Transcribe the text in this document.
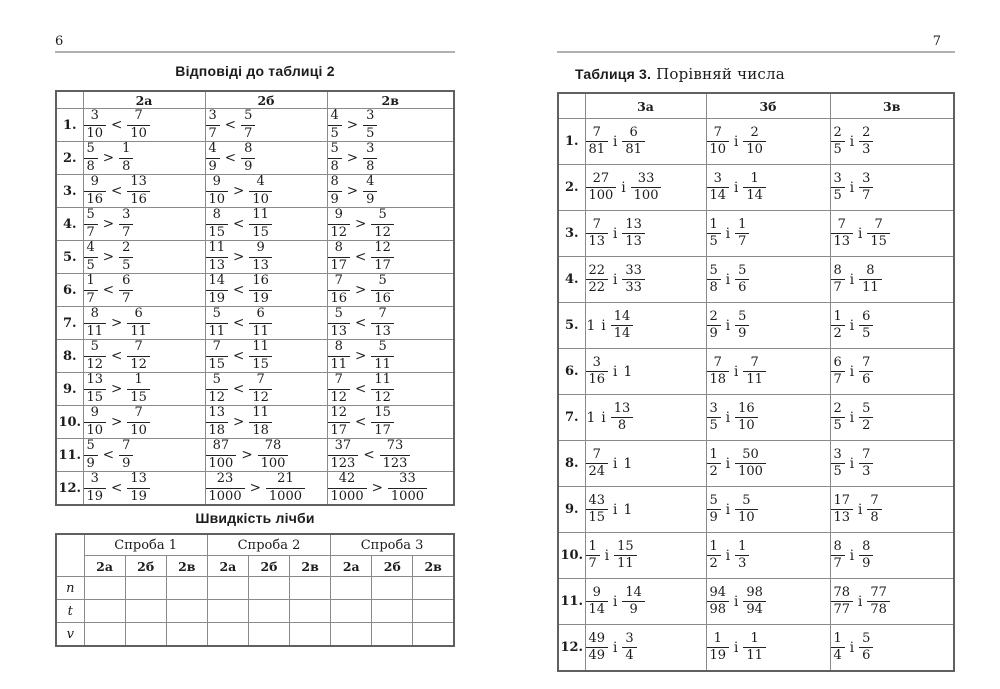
6
Відповіді до таблиці 2
	2а	2б	2в
1.	$\frac{3}{10} < \frac{7}{10}$	$\frac{3}{7} < \frac{5}{7}$	$\frac{4}{5} > \frac{3}{5}$

2.	$\frac{5}{8} > \frac{1}{8}$	$\frac{4}{9} < \frac{8}{9}$	$\frac{5}{8} > \frac{3}{8}$

3.	$\frac{9}{16} < \frac{13}{16}$	$\frac{9}{10} > \frac{4}{10}$	$\frac{8}{9} > \frac{4}{9}$

4.	$\frac{5}{7} > \frac{3}{7}$	$\frac{8}{15} < \frac{11}{15}$	$\frac{9}{12} > \frac{5}{12}$

5.	$\frac{4}{5} > \frac{2}{5}$	$\frac{11}{13} > \frac{9}{13}$	$\frac{8}{17} < \frac{12}{17}$

6.	$\frac{1}{7} < \frac{6}{7}$	$\frac{14}{19} < \frac{16}{19}$	$\frac{7}{16} > \frac{5}{16}$

7.	$\frac{8}{11} > \frac{6}{11}$	$\frac{5}{11} < \frac{6}{11}$	$\frac{5}{13} < \frac{7}{13}$

8.	$\frac{5}{12} < \frac{7}{12}$	$\frac{7}{15} < \frac{11}{15}$	$\frac{8}{11} > \frac{5}{11}$

9.	$\frac{13}{15} > \frac{1}{15}$	$\frac{5}{12} < \frac{7}{12}$	$\frac{7}{12} < \frac{11}{12}$

10.	$\frac{9}{10} > \frac{7}{10}$	$\frac{13}{18} > \frac{11}{18}$	$\frac{12}{17} < \frac{15}{17}$

11.	$\frac{5}{9} < \frac{7}{9}$	$\frac{87}{100} > \frac{78}{100}$	$\frac{37}{123} < \frac{73}{123}$

12.	$\frac{3}{19} < \frac{13}{19}$	$\frac{23}{1000} > \frac{21}{1000}$	$\frac{42}{1000} > \frac{33}{1000}$
Швидкість лічби
	Спроба 1			Спроба 2			Спроба 3		
	2а	2б	2в	2а	2б	2в	2а	2б	2в
n									
t									
v									
7
Таблиця 3. Порівняй числа
	3а	3б	3в
1.	$\frac{7}{81}$ і $\frac{6}{81}$	$\frac{7}{10}$ і $\frac{2}{10}$	$\frac{2}{5}$ і $\frac{2}{3}$

2.	$\frac{27}{100}$ і $\frac{33}{100}$	$\frac{3}{14}$ і $\frac{1}{14}$	$\frac{3}{5}$ і $\frac{3}{7}$

3.	$\frac{7}{13}$ і $\frac{13}{13}$	$\frac{1}{5}$ і $\frac{1}{7}$	$\frac{7}{13}$ і $\frac{7}{15}$

4.	$\frac{22}{22}$ і $\frac{33}{33}$	$\frac{5}{8}$ і $\frac{5}{6}$	$\frac{8}{7}$ і $\frac{8}{11}$

5.	1 і $\frac{14}{14}$	$\frac{2}{9}$ і $\frac{5}{9}$	$\frac{1}{2}$ і $\frac{6}{5}$

6.	$\frac{3}{16}$ і 1	$\frac{7}{18}$ і $\frac{7}{11}$	$\frac{6}{7}$ і $\frac{7}{6}$

7.	1 і $\frac{13}{8}$	$\frac{3}{5}$ і $\frac{16}{10}$	$\frac{2}{5}$ і $\frac{5}{2}$

8.	$\frac{7}{24}$ і 1	$\frac{1}{2}$ і $\frac{50}{100}$	$\frac{3}{5}$ і $\frac{7}{3}$

9.	$\frac{43}{15}$ і 1	$\frac{5}{9}$ і $\frac{5}{10}$	$\frac{17}{13}$ і $\frac{7}{8}$

10.	$\frac{1}{7}$ і $\frac{15}{11}$	$\frac{1}{2}$ і $\frac{1}{3}$	$\frac{8}{7}$ і $\frac{8}{9}$

11.	$\frac{9}{14}$ і $\frac{14}{9}$	$\frac{94}{98}$ і $\frac{98}{94}$	$\frac{78}{77}$ і $\frac{77}{78}$

12.	$\frac{49}{49}$ і $\frac{3}{4}$	$\frac{1}{19}$ і $\frac{1}{11}$	$\frac{1}{4}$ і $\frac{5}{6}$
